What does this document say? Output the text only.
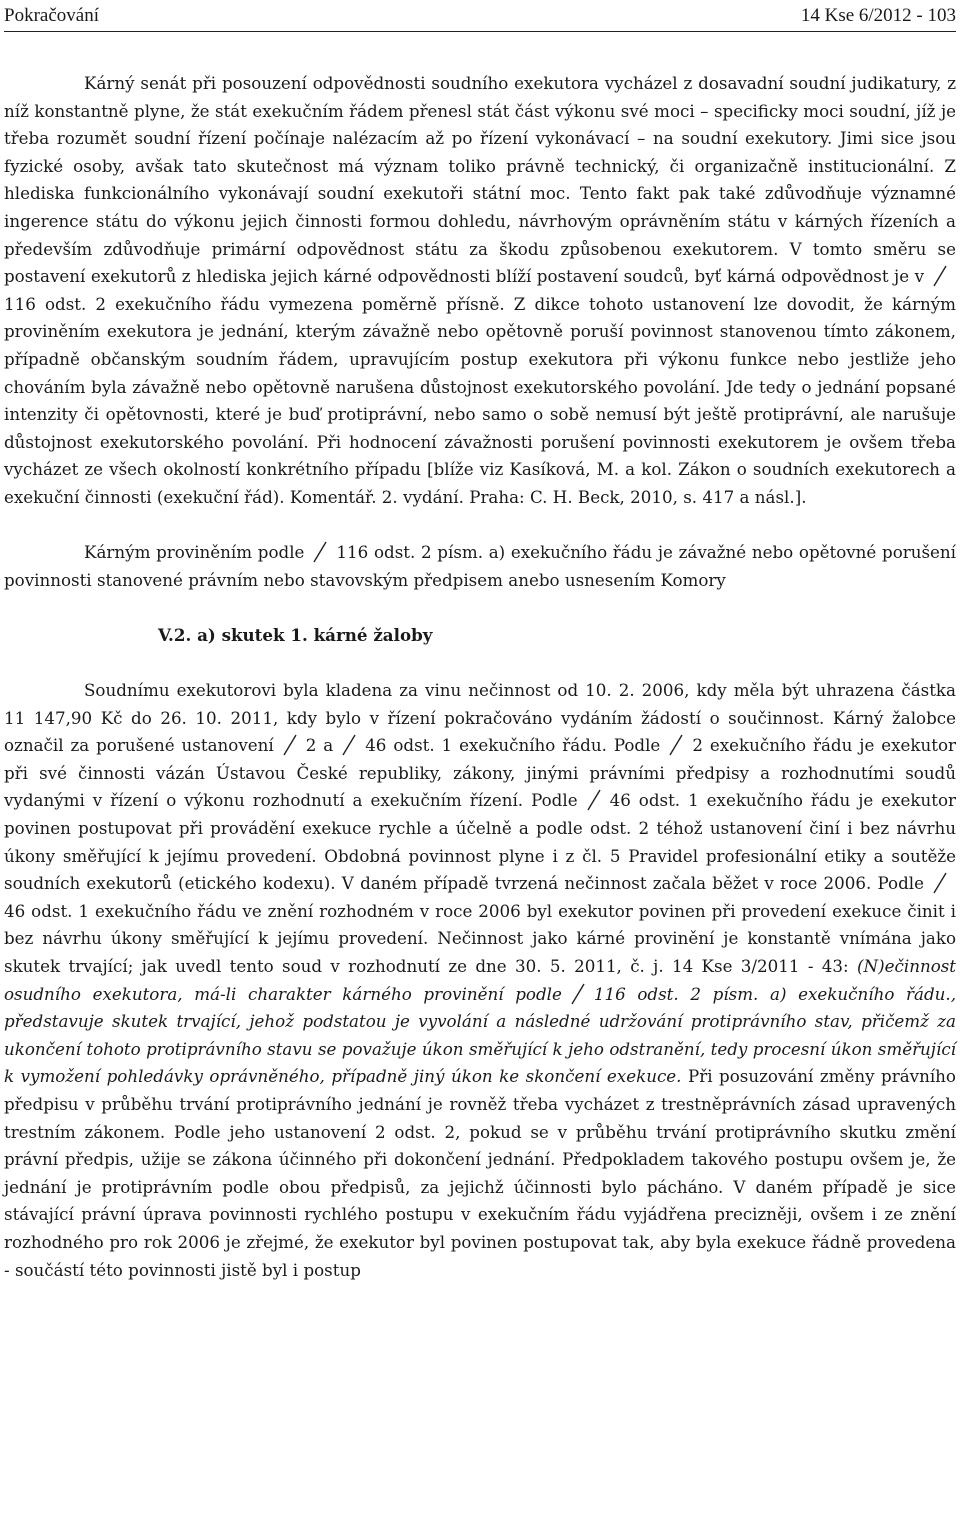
Pokračování	14 Kse 6/2012 - 103

Kárný senát při posouzení odpovědnosti soudního exekutora vycházel z dosavadní soudní judikatury, z níž konstantně plyne, že stát exekučním řádem přenesl stát část výkonu své moci – specificky moci soudní, jíž je třeba rozumět soudní řízení počínaje nalézacím až po řízení vykonávací – na soudní exekutory. Jimi sice jsou fyzické osoby, avšak tato skutečnost má význam toliko právně technický, či organizačně institucionální. Z hlediska funkcionálního vykonávají soudní exekutoři státní moc. Tento fakt pak také zdůvodňuje významné ingerence státu do výkonu jejich činnosti formou dohledu, návrhovým oprávněním státu v kárných řízeních a především zdůvodňuje primární odpovědnost státu za škodu způsobenou exekutorem. V tomto směru se postavení exekutorů z hlediska jejich kárné odpovědnosti blíží postavení soudců, byť kárná odpovědnost je v
116 odst. 2 exekučního řádu vymezena poměrně přísně. Z dikce tohoto ustanovení lze dovodit, že kárným proviněním exekutora je jednání, kterým závažně nebo opětovně poruší povinnost stanovenou tímto zákonem, případně občanským soudním řádem, upravujícím postup exekutora při výkonu funkce nebo jestliže jeho chováním byla závažně nebo opětovně narušena důstojnost exekutorského povolání. Jde tedy o jednání popsané intenzity či opětovnosti, které je buď protiprávní, nebo samo o sobě nemusí být ještě protiprávní, ale narušuje důstojnost exekutorského povolání. Při hodnocení závažnosti porušení povinnosti exekutorem je ovšem třeba vycházet ze všech okolností konkrétního případu [blíže viz Kasíková, M. a kol. Zákon o soudních exekutorech a exekuční činnosti (exekuční řád). Komentář. 2. vydání. Praha: C. H. Beck, 2010, s. 417 a násl.].

Kárným proviněním podle 116 odst. 2 písm. a) exekučního řádu je závažné nebo opětovné porušení povinnosti stanovené právním nebo stavovským předpisem anebo usnesením Komory

V.2. a) skutek 1. kárné žaloby

Soudnímu exekutorovi byla kladena za vinu nečinnost od 10. 2. 2006, kdy měla být uhrazena částka 11 147,90 Kč do 26. 10. 2011, kdy bylo v řízení pokračováno vydáním žádostí o součinnost. Kárný žalobce označil za porušené ustanovení 2 a 46 odst. 1 exekučního řádu. Podle 2 exekučního řádu je exekutor při své činnosti vázán Ústavou České republiky, zákony, jinými právními předpisy a rozhodnutími soudů vydanými v řízení o výkonu rozhodnutí a exekučním řízení. Podle 46 odst. 1 exekučního řádu je exekutor povinen postupovat při provádění exekuce rychle a účelně a podle odst. 2 téhož ustanovení činí i bez návrhu úkony směřující k jejímu provedení. Obdobná povinnost plyne i z čl. 5 Pravidel profesionální etiky a soutěže soudních exekutorů (etického kodexu). V daném případě tvrzená nečinnost začala běžet v roce 2006. Podle
46 odst. 1 exekučního řádu ve znění rozhodném v roce 2006 byl exekutor povinen při provedení exekuce činit i bez návrhu úkony směřující k jejímu provedení. Nečinnost jako kárné provinění je konstantě vnímána jako skutek trvající; jak uvedl tento soud v rozhodnutí ze dne 30. 5. 2011, č. j. 14 Kse 3/2011 - 43: (N)ečinnost osudního exekutora, má-li charakter kárného provinění podle 116 odst. 2 písm. a) exekučního řádu., představuje skutek trvající, jehož podstatou je vyvolání a následné udržování protiprávního stav, přičemž za ukončení tohoto protiprávního stavu se považuje úkon směřující k jeho odstranění, tedy procesní úkon směřující k vymožení pohledávky oprávněného, případně jiný úkon ke skončení exekuce. Při posuzování změny právního předpisu v průběhu trvání protiprávního jednání je rovněž třeba vycházet z trestněprávních zásad upravených trestním zákonem. Podle jeho ustanovení 2 odst. 2, pokud se v průběhu trvání protiprávního skutku změní právní předpis, užije se zákona účinného při dokončení jednání. Předpokladem takového postupu ovšem je, že jednání je protiprávním podle obou předpisů, za jejichž účinnosti bylo pácháno. V daném případě je sice stávající právní úprava povinnosti rychlého postupu v exekučním řádu vyjádřena precizněji, ovšem i ze znění rozhodného pro rok 2006 je zřejmé, že exekutor byl povinen postupovat tak, aby byla exekuce řádně provedena - součástí této povinnosti jistě byl i postup
